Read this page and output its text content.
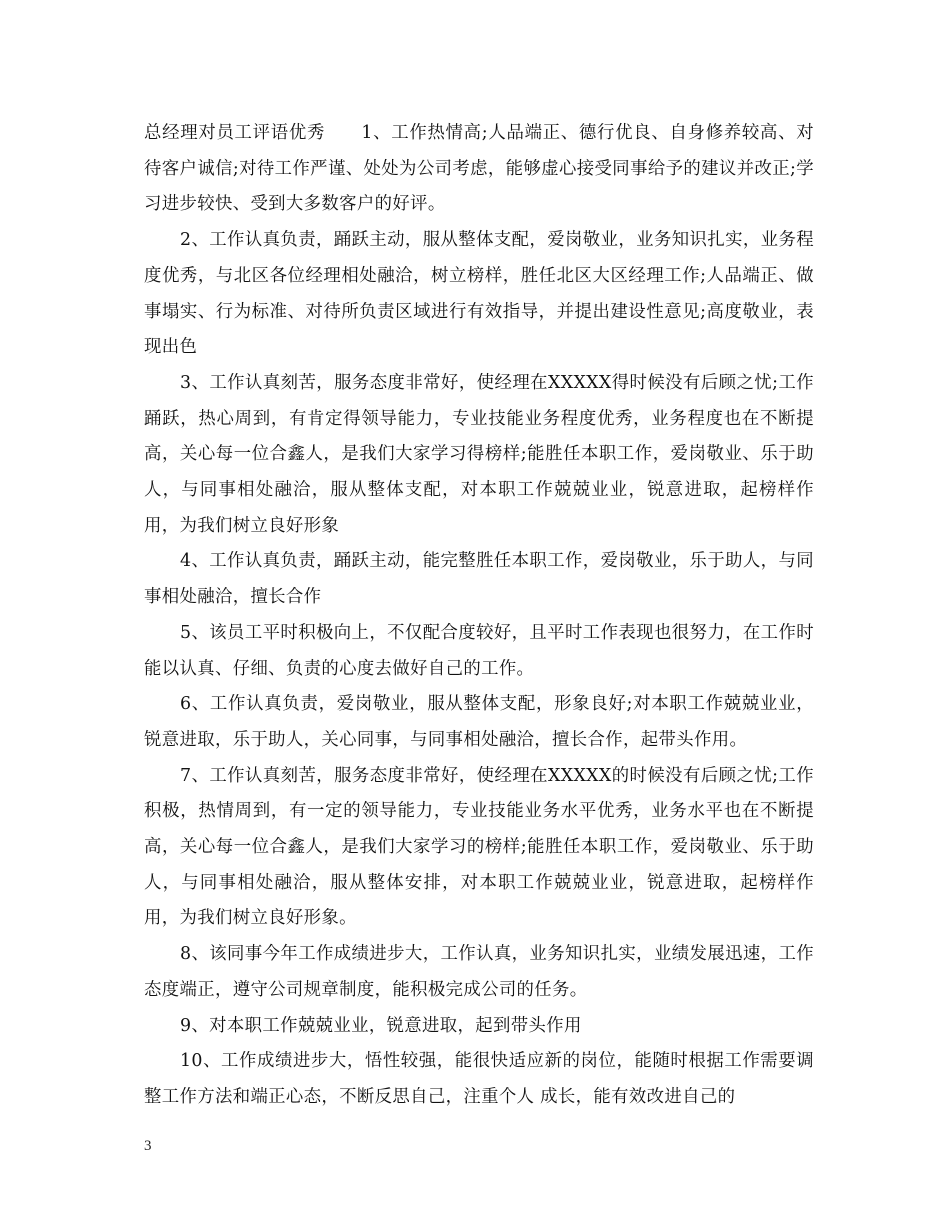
总经理对员工评语优秀　　1、工作热情高;人品端正、德行优良、自身修养较高、对待客户诚信;对待工作严谨、处处为公司考虑，能够虚心接受同事给予的建议并改正;学习进步较快、受到大多数客户的好评。

2、工作认真负责，踊跃主动，服从整体支配，爱岗敬业，业务知识扎实，业务程度优秀，与北区各位经理相处融洽，树立榜样，胜任北区大区经理工作;人品端正、做事塌实、行为标准、对待所负责区域进行有效指导，并提出建设性意见;高度敬业，表现出色

3、工作认真刻苦，服务态度非常好，使经理在XXXXX得时候没有后顾之忧;工作踊跃，热心周到，有肯定得领导能力，专业技能业务程度优秀，业务程度也在不断提高，关心每一位合鑫人，是我们大家学习得榜样;能胜任本职工作，爱岗敬业、乐于助人，与同事相处融洽，服从整体支配，对本职工作兢兢业业，锐意进取，起榜样作用，为我们树立良好形象

4、工作认真负责，踊跃主动，能完整胜任本职工作，爱岗敬业，乐于助人，与同事相处融洽，擅长合作

5、该员工平时积极向上，不仅配合度较好，且平时工作表现也很努力，在工作时能以认真、仔细、负责的心度去做好自己的工作。

6、工作认真负责，爱岗敬业，服从整体支配，形象良好;对本职工作兢兢业业，锐意进取，乐于助人，关心同事，与同事相处融洽，擅长合作，起带头作用。

7、工作认真刻苦，服务态度非常好，使经理在XXXXX的时候没有后顾之忧;工作积极，热情周到，有一定的领导能力，专业技能业务水平优秀，业务水平也在不断提高，关心每一位合鑫人，是我们大家学习的榜样;能胜任本职工作，爱岗敬业、乐于助人，与同事相处融洽，服从整体安排，对本职工作兢兢业业，锐意进取，起榜样作用，为我们树立良好形象。

8、该同事今年工作成绩进步大，工作认真，业务知识扎实，业绩发展迅速，工作态度端正，遵守公司规章制度，能积极完成公司的任务。

9、对本职工作兢兢业业，锐意进取，起到带头作用

10、工作成绩进步大，悟性较强，能很快适应新的岗位，能随时根据工作需要调整工作方法和端正心态，不断反思自己，注重个人 成长，能有效改进自己的

3
